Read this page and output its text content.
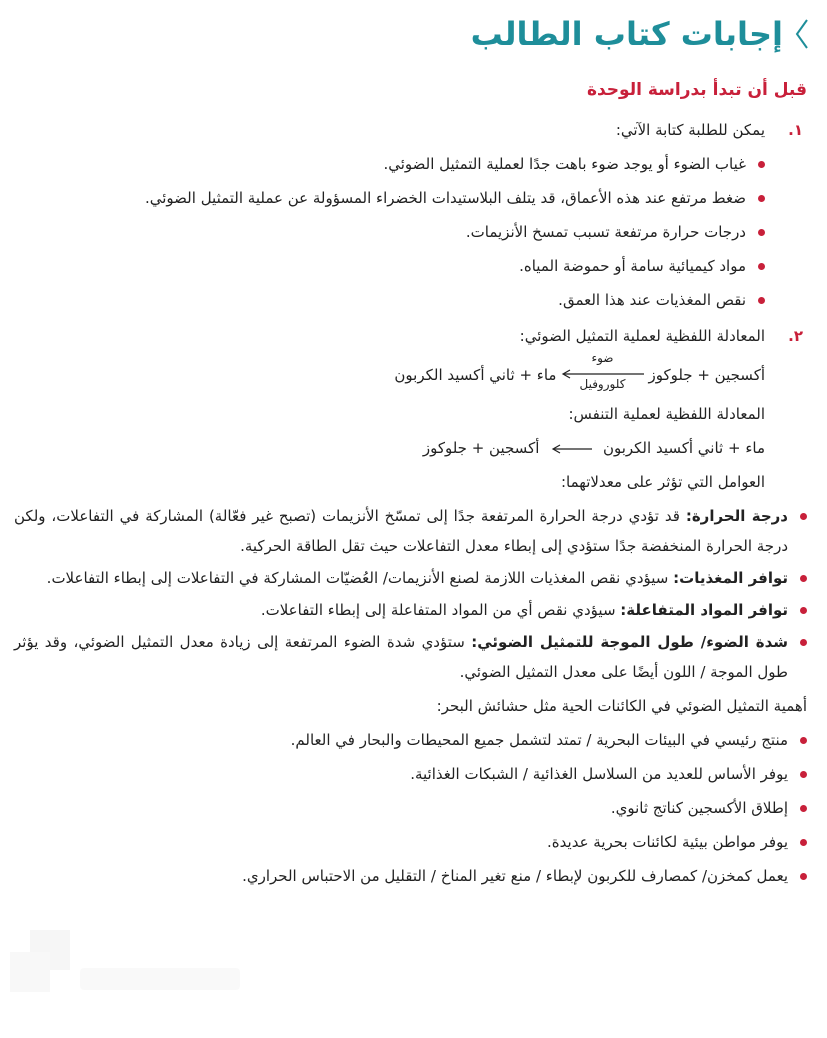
إجابات كتاب الطالب
قبل أن تبدأ بدراسة الوحدة
١.
يمكن للطلبة كتابة الآتي:
غياب الضوء أو يوجد ضوء باهت جدًا لعملية التمثيل الضوئي.
ضغط مرتفع عند هذه الأعماق، قد يتلف البلاستيدات الخضراء المسؤولة عن عملية التمثيل الضوئي.
درجات حرارة مرتفعة تسبب تمسخ الأنزيمات.
مواد كيميائية سامة أو حموضة المياه.
نقص المغذيات عند هذا العمق.
٢.
المعادلة اللفظية لعملية التمثيل الضوئي:
أكسجين + جلوكوز
ضوء
كلوروفيل
ماء + ثاني أكسيد الكربون
المعادلة اللفظية لعملية التنفس:
ماء + ثاني أكسيد الكربون  أكسجين + جلوكوز
العوامل التي تؤثر على معدلاتهما:
درجة الحرارة: قد تؤدي درجة الحرارة المرتفعة جدًا إلى تمسّخ الأنزيمات (تصبح غير فعّالة) المشاركة في التفاعلات، ولكن درجة الحرارة المنخفضة جدًا ستؤدي إلى إبطاء معدل التفاعلات حيث تقل الطاقة الحركية.
توافر المغذيات: سيؤدي نقص المغذيات اللازمة لصنع الأنزيمات/ العُضيّات المشاركة في التفاعلات إلى إبطاء التفاعلات.
توافر المواد المتفاعلة: سيؤدي نقص أي من المواد المتفاعلة إلى إبطاء التفاعلات.
شدة الضوء/ طول الموجة للتمثيل الضوئي: ستؤدي شدة الضوء المرتفعة إلى زيادة معدل التمثيل الضوئي، وقد يؤثر طول الموجة / اللون أيضًا على معدل التمثيل الضوئي.
أهمية التمثيل الضوئي في الكائنات الحية مثل حشائش البحر:
منتج رئيسي في البيئات البحرية / تمتد لتشمل جميع المحيطات والبحار في العالم.
يوفر الأساس للعديد من السلاسل الغذائية / الشبكات الغذائية.
إطلاق الأكسجين كناتج ثانوي.
يوفر مواطن بيئية لكائنات بحرية عديدة.
يعمل كمخزن/ كمصارف للكربون لإبطاء / منع تغير المناخ / التقليل من الاحتباس الحراري.
